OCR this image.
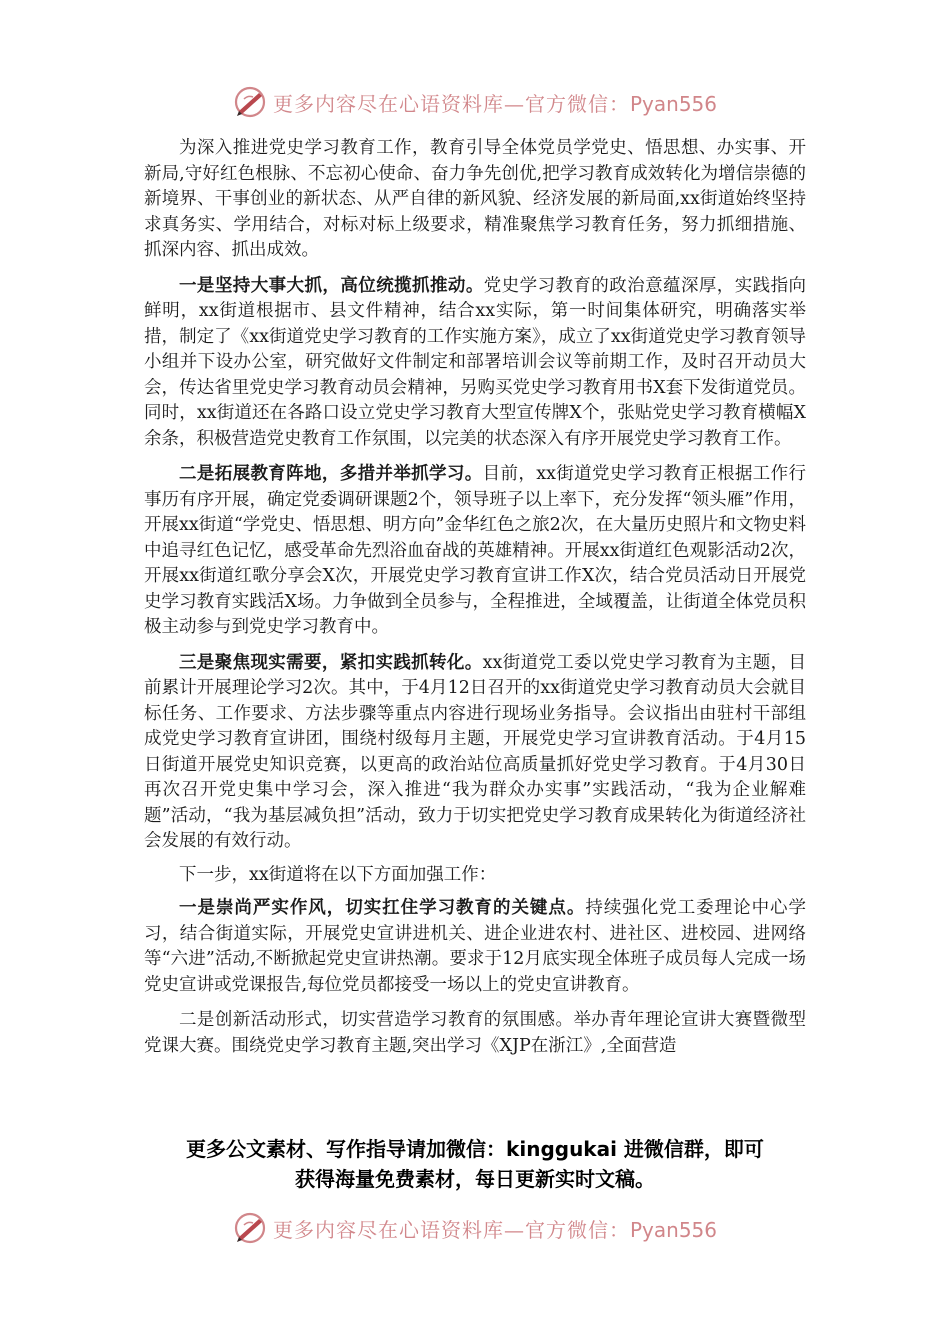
更多内容尽在心语资料库—官方微信：Pyan556

为深入推进党史学习教育工作，教育引导全体党员学党史、悟思想、办实事、开新局,守好红色根脉、不忘初心使命、奋力争先创优,把学习教育成效转化为增信崇德的新境界、干事创业的新状态、从严自律的新风貌、经济发展的新局面,xx街道始终坚持求真务实、学用结合，对标对标上级要求，精准聚焦学习教育任务，努力抓细措施、抓深内容、抓出成效。

一是坚持大事大抓，高位统揽抓推动。党史学习教育的政治意蕴深厚，实践指向鲜明，xx街道根据市、县文件精神，结合xx实际，第一时间集体研究，明确落实举措，制定了《xx街道党史学习教育的工作实施方案》，成立了xx街道党史学习教育领导小组并下设办公室，研究做好文件制定和部署培训会议等前期工作，及时召开动员大会，传达省里党史学习教育动员会精神，另购买党史学习教育用书X套下发街道党员。同时，xx街道还在各路口设立党史学习教育大型宣传牌X个，张贴党史学习教育横幅X余条，积极营造党史教育工作氛围，以完美的状态深入有序开展党史学习教育工作。

二是拓展教育阵地，多措并举抓学习。目前，xx街道党史学习教育正根据工作行事历有序开展，确定党委调研课题2个，领导班子以上率下，充分发挥“领头雁”作用，开展xx街道“学党史、悟思想、明方向”金华红色之旅2次，在大量历史照片和文物史料中追寻红色记忆，感受革命先烈浴血奋战的英雄精神。开展xx街道红色观影活动2次，开展xx街道红歌分享会X次，开展党史学习教育宣讲工作X次，结合党员活动日开展党史学习教育实践活X场。力争做到全员参与，全程推进，全域覆盖，让街道全体党员积极主动参与到党史学习教育中。

三是聚焦现实需要，紧扣实践抓转化。xx街道党工委以党史学习教育为主题，目前累计开展理论学习2次。其中，于4月12日召开的xx街道党史学习教育动员大会就目标任务、工作要求、方法步骤等重点内容进行现场业务指导。会议指出由驻村干部组成党史学习教育宣讲团，围绕村级每月主题，开展党史学习宣讲教育活动。于4月15日街道开展党史知识竞赛，以更高的政治站位高质量抓好党史学习教育。于4月30日再次召开党史集中学习会，深入推进“我为群众办实事”实践活动，“我为企业解难题”活动，“我为基层减负担”活动，致力于切实把党史学习教育成果转化为街道经济社会发展的有效行动。

下一步，xx街道将在以下方面加强工作：

一是崇尚严实作风，切实扛住学习教育的关键点。持续强化党工委理论中心学习，结合街道实际，开展党史宣讲进机关、进企业进农村、进社区、进校园、进网络等“六进”活动,不断掀起党史宣讲热潮。要求于12月底实现全体班子成员每人完成一场党史宣讲或党课报告,每位党员都接受一场以上的党史宣讲教育。

二是创新活动形式，切实营造学习教育的氛围感。举办青年理论宣讲大赛暨微型党课大赛。围绕党史学习教育主题,突出学习《XJP在浙江》,全面营造

更多公文素材、写作指导请加微信：kinggukai 进微信群，即可
获得海量免费素材，每日更新实时文稿。
更多内容尽在心语资料库—官方微信：Pyan556
